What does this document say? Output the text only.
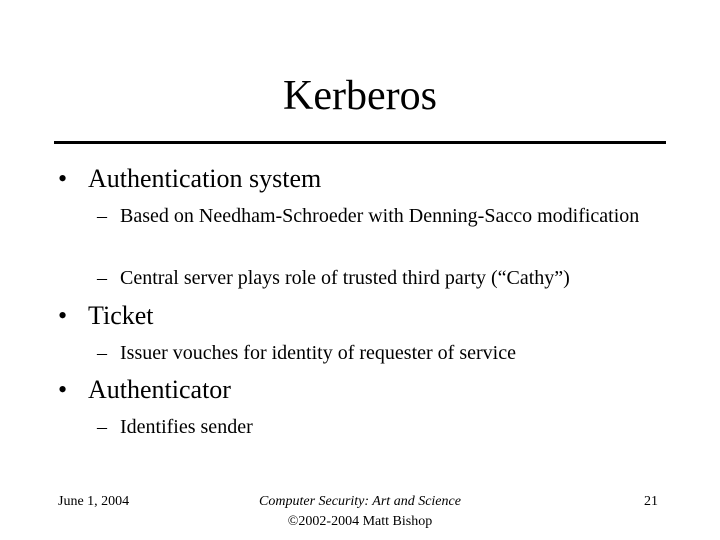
Kerberos
• Authentication system
– Based on Needham-Schroeder with Denning-Sacco modification
– Central server plays role of trusted third party (“Cathy”)
• Ticket
– Issuer vouches for identity of requester of service
• Authenticator
– Identifies sender
June 1, 2004	Computer Security: Art and Science
©2002-2004 Matt Bishop
21
